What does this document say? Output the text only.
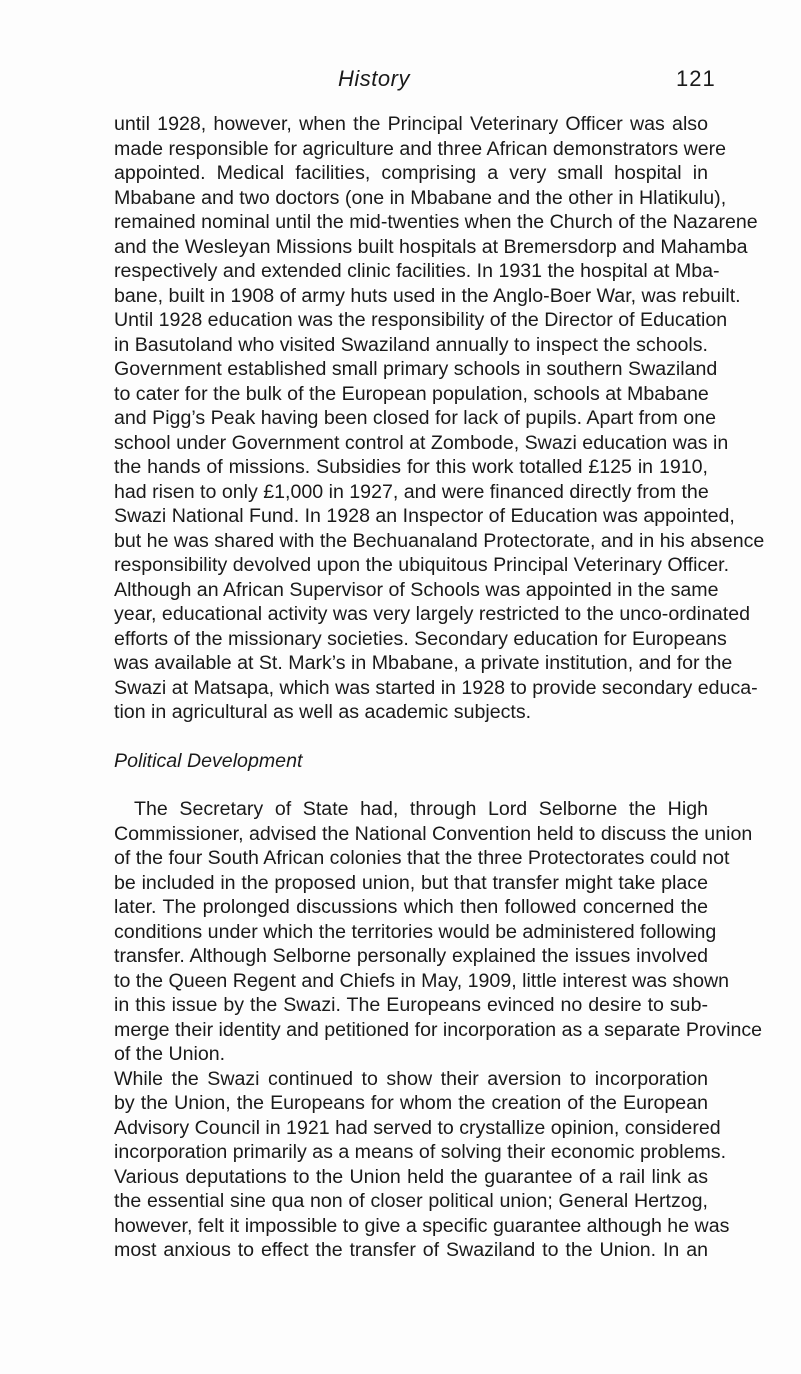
History	121
until 1928, however, when the Principal Veterinary Officer was also
made responsible for agriculture and three African demonstrators were
appointed. Medical facilities, comprising a very small hospital in
Mbabane and two doctors (one in Mbabane and the other in Hlatikulu),
remained nominal until the mid-twenties when the Church of the Nazarene
and the Wesleyan Missions built hospitals at Bremersdorp and Mahamba
respectively and extended clinic facilities. In 1931 the hospital at Mba-
bane, built in 1908 of army huts used in the Anglo-Boer War, was rebuilt.
Until 1928 education was the responsibility of the Director of Education
in Basutoland who visited Swaziland annually to inspect the schools.
Government established small primary schools in southern Swaziland
to cater for the bulk of the European population, schools at Mbabane
and Pigg’s Peak having been closed for lack of pupils. Apart from one
school under Government control at Zombode, Swazi education was in
the hands of missions. Subsidies for this work totalled £125 in 1910,
had risen to only £1,000 in 1927, and were financed directly from the
Swazi National Fund. In 1928 an Inspector of Education was appointed,
but he was shared with the Bechuanaland Protectorate, and in his absence
responsibility devolved upon the ubiquitous Principal Veterinary Officer.
Although an African Supervisor of Schools was appointed in the same
year, educational activity was very largely restricted to the unco-ordinated
efforts of the missionary societies. Secondary education for Europeans
was available at St. Mark’s in Mbabane, a private institution, and for the
Swazi at Matsapa, which was started in 1928 to provide secondary educa-
tion in agricultural as well as academic subjects.
Political Development
The Secretary of State had, through Lord Selborne the High
Commissioner, advised the National Convention held to discuss the union
of the four South African colonies that the three Protectorates could not
be included in the proposed union, but that transfer might take place
later. The prolonged discussions which then followed concerned the
conditions under which the territories would be administered following
transfer. Although Selborne personally explained the issues involved
to the Queen Regent and Chiefs in May, 1909, little interest was shown
in this issue by the Swazi. The Europeans evinced no desire to sub-
merge their identity and petitioned for incorporation as a separate Province
of the Union.
While the Swazi continued to show their aversion to incorporation
by the Union, the Europeans for whom the creation of the European
Advisory Council in 1921 had served to crystallize opinion, considered
incorporation primarily as a means of solving their economic problems.
Various deputations to the Union held the guarantee of a rail link as
the essential sine qua non of closer political union; General Hertzog,
however, felt it impossible to give a specific guarantee although he was
most anxious to effect the transfer of Swaziland to the Union. In an
